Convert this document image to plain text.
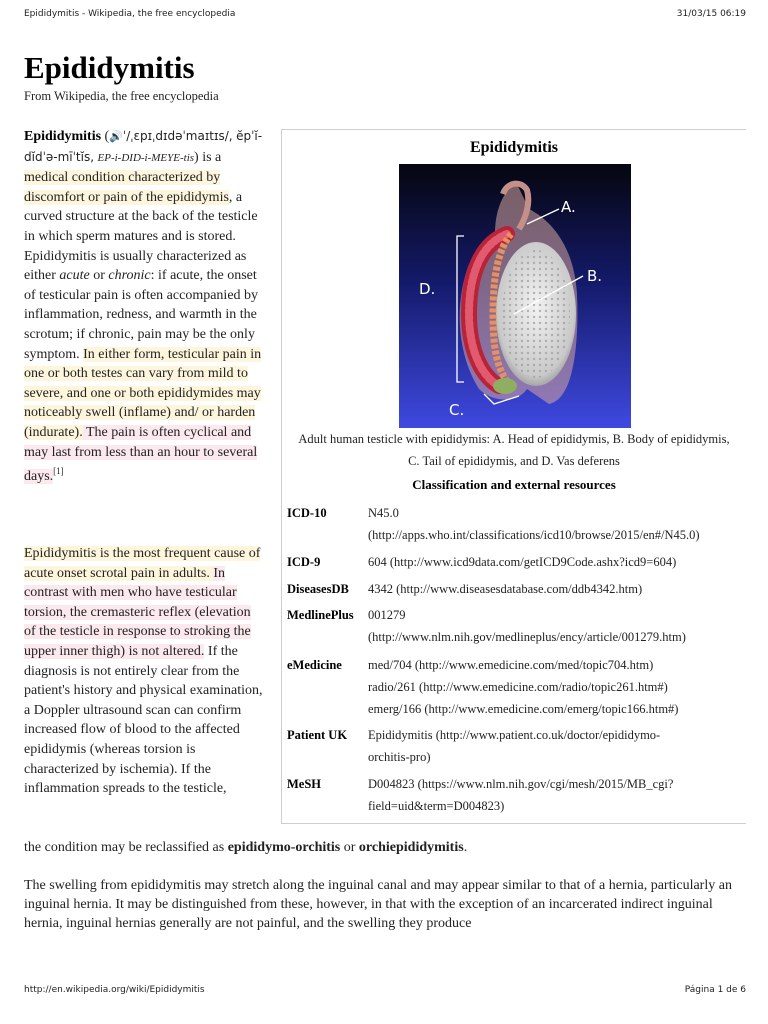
Epididymitis - Wikipedia, the free encyclopedia	31/03/15 06:19
Epididymitis
From Wikipedia, the free encyclopedia
Epididymitis (🔊ˈ/ˌɛpɪˌdɪdəˈmaɪtɪs/, ĕpˈĭ-dĭdˈə-mīˈtĭs, EP-i-DID-i-MEYE-tis) is a medical condition characterized by discomfort or pain of the epididymis, a curved structure at the back of the testicle in which sperm matures and is stored. Epididymitis is usually characterized as either acute or chronic: if acute, the onset of testicular pain is often accompanied by inflammation, redness, and warmth in the scrotum; if chronic, pain may be the only symptom. In either form, testicular pain in one or both testes can vary from mild to severe, and one or both epididymides may noticeably swell (inflame) and/ or harden (indurate). The pain is often cyclical and may last from less than an hour to several days.[1]
Epididymitis is the most frequent cause of acute onset scrotal pain in adults. In contrast with men who have testicular torsion, the cremasteric reflex (elevation of the testicle in response to stroking the upper inner thigh) is not altered. If the diagnosis is not entirely clear from the patient's history and physical examination, a Doppler ultrasound scan can confirm increased flow of blood to the affected epididymis (whereas torsion is characterized by ischemia). If the inflammation spreads to the testicle,
the condition may be reclassified as epididymo-orchitis or orchiepididymitis.
The swelling from epididymitis may stretch along the inguinal canal and may appear similar to that of a hernia, particularly an inguinal hernia. It may be distinguished from these, however, in that with the exception of an incarcerated indirect inguinal hernia, inguinal hernias generally are not painful, and the swelling they produce
Epididymitis
A.
B.
D.
C.
Adult human testicle with epididymis: A. Head of epididymis, B. Body of epididymis, C. Tail of epididymis, and D. Vas deferens
Classification and external resources
ICD-10	N45.0
(http://apps.who.int/classifications/icd10/browse/2015/en#/N45.0)
ICD-9	604 (http://www.icd9data.com/getICD9Code.ashx?icd9=604)
DiseasesDB	4342 (http://www.diseasesdatabase.com/ddb4342.htm)
MedlinePlus	001279
(http://www.nlm.nih.gov/medlineplus/ency/article/001279.htm)
eMedicine	med/704 (http://www.emedicine.com/med/topic704.htm)
radio/261 (http://www.emedicine.com/radio/topic261.htm#)
emerg/166 (http://www.emedicine.com/emerg/topic166.htm#)
Patient UK	Epididymitis (http://www.patient.co.uk/doctor/epididymo-
orchitis-pro)
MeSH	D004823 (https://www.nlm.nih.gov/cgi/mesh/2015/MB_cgi?
field=uid&term=D004823)
http://en.wikipedia.org/wiki/Epididymitis	Página 1 de 6
